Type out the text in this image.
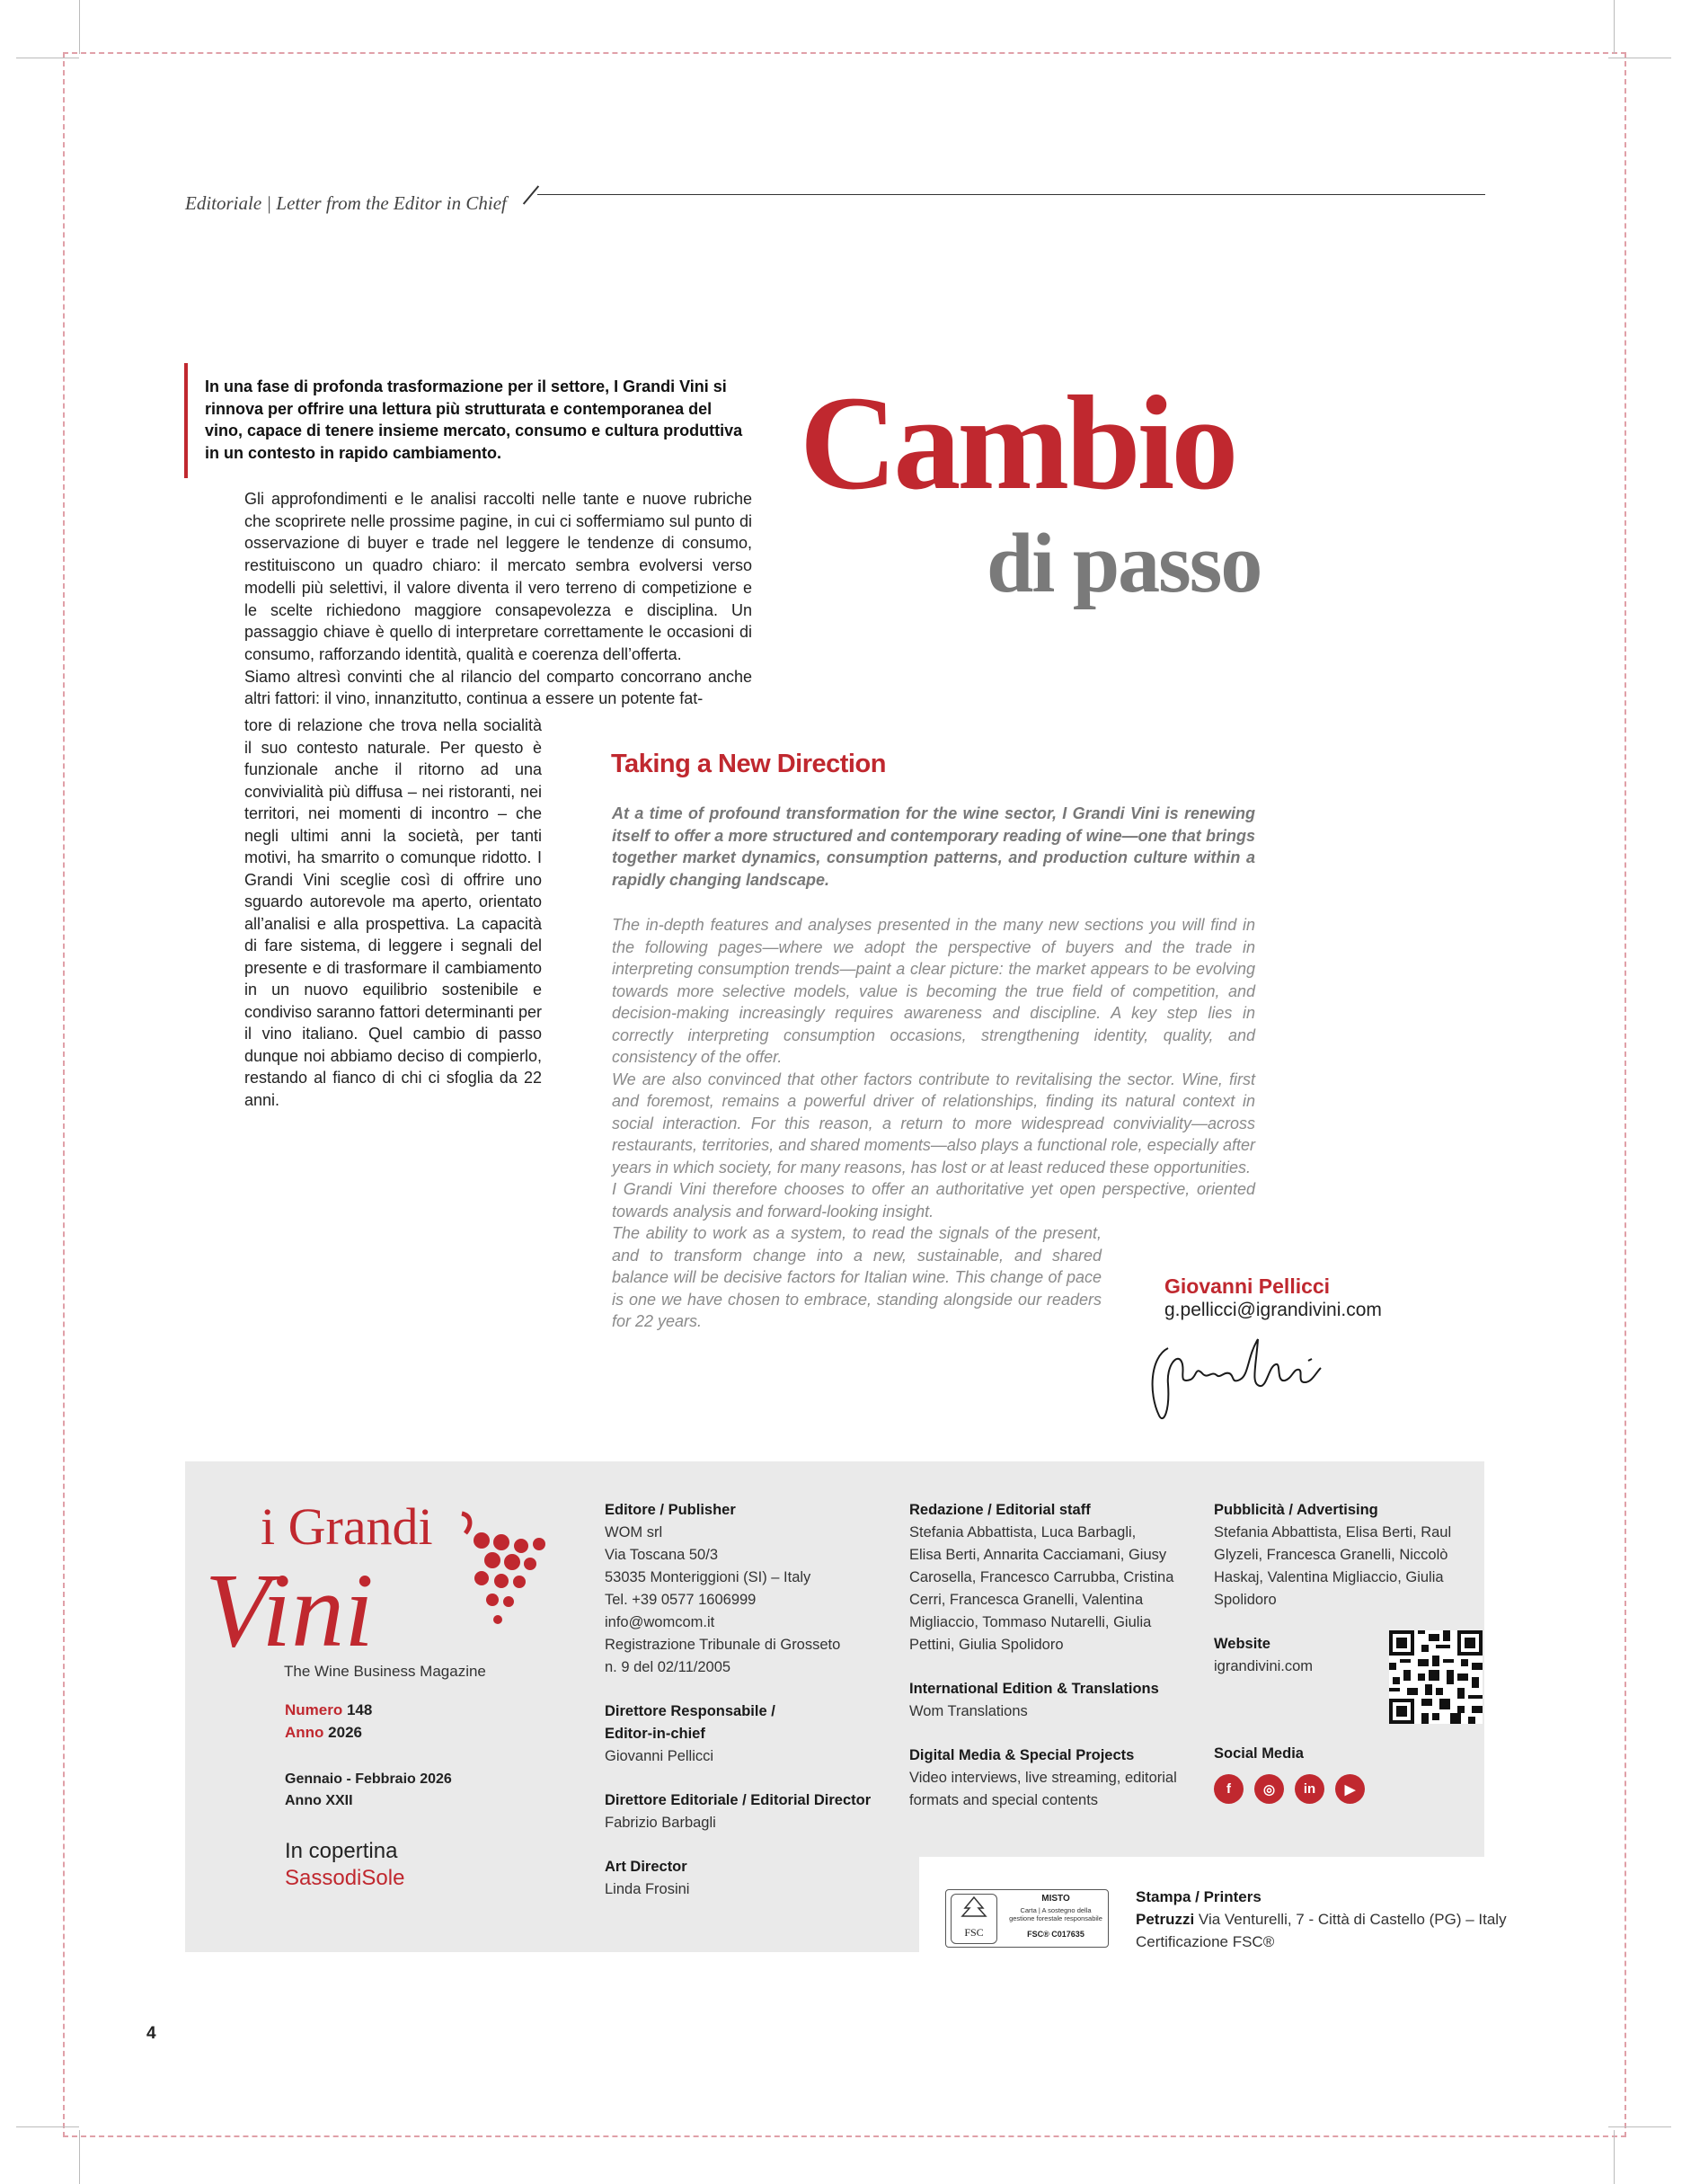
Editoriale | Letter from the Editor in Chief
In una fase di profonda trasformazione per il settore, I Grandi Vini si rinnova per offrire una lettura più strutturata e contemporanea del vino, capace di tenere insieme mercato, consumo e cultura produttiva in un contesto in rapido cambiamento.

Gli approfondimenti e le analisi raccolti nelle tante e nuove rubriche che scoprirete nelle prossime pagine, in cui ci soffermiamo sul punto di osservazione di buyer e trade nel leggere le tendenze di consumo, restituiscono un quadro chiaro: il mercato sembra evolversi verso modelli più selettivi, il valore diventa il vero terreno di competizione e le scelte richiedono maggiore consapevolezza e disciplina. Un passaggio chiave è quello di interpretare correttamente le occasioni di consumo, rafforzando identità, qualità e coerenza dell’offerta.

Siamo altresì convinti che al rilancio del comparto concorrano anche altri fattori: il vino, innanzitutto, continua a essere un potente fat-

tore di relazione che trova nella socialità il suo contesto naturale. Per questo è funzionale anche il ritorno ad una convivialità più diffusa – nei ristoranti, nei territori, nei momenti di incontro – che negli ultimi anni la società, per tanti motivi, ha smarrito o comunque ridotto. I Grandi Vini sceglie così di offrire uno sguardo autorevole ma aperto, orientato all’analisi e alla prospettiva. La capacità di fare sistema, di leggere i segnali del presente e di trasformare il cambiamento in un nuovo equilibrio sostenibile e condiviso saranno fattori determinanti per il vino italiano. Quel cambio di passo dunque noi abbiamo deciso di compierlo, restando al fianco di chi ci sfoglia da 22 anni.
Cambio
di passo
Taking a New Direction
At a time of profound transformation for the wine sector, I Grandi Vini is renewing itself to offer a more structured and contemporary reading of wine—one that brings together market dynamics, consumption patterns, and production culture within a rapidly changing landscape.

The in-depth features and analyses presented in the many new sections you will find in the following pages—where we adopt the perspective of buyers and the trade in interpreting consumption trends—paint a clear picture: the market appears to be evolving towards more selective models, value is becoming the true field of competition, and decision-making increasingly requires awareness and discipline. A key step lies in correctly interpreting consumption occasions, strengthening identity, quality, and consistency of the offer.

We are also convinced that other factors contribute to revitalising the sector. Wine, first and foremost, remains a powerful driver of relationships, finding its natural context in social interaction. For this reason, a return to more widespread conviviality—across restaurants, territories, and shared moments—also plays a functional role, especially after years in which society, for many reasons, has lost or at least reduced these opportunities.

I Grandi Vini therefore chooses to offer an authoritative yet open perspective, oriented towards analysis and forward-looking insight.

The ability to work as a system, to read the signals of the present, and to transform change into a new, sustainable, and shared balance will be decisive factors for Italian wine. This change of pace is one we have chosen to embrace, standing alongside our readers for 22 years.

Giovanni Pellicci
g.pellicci@igrandivini.com
i Grandi
Vini
The Wine Business Magazine
Numero 148
Anno 2026
Gennaio - Febbraio 2026
Anno XXII
In copertina
SassodiSole
Editore / Publisher
WOM srl
Via Toscana 50/3
53035 Monteriggioni (SI) – Italy
Tel. +39 0577 1606999
info@womcom.it
Registrazione Tribunale di Grosseto
n. 9 del 02/11/2005
Direttore Responsabile /
Editor-in-chief
Giovanni Pellicci
Direttore Editoriale / Editorial Director
Fabrizio Barbagli
Art Director
Linda Frosini
Redazione / Editorial staff
Stefania Abbattista, Luca Barbagli,
Elisa Berti, Annarita Cacciamani, Giusy
Carosella, Francesco Carrubba, Cristina
Cerri, Francesca Granelli, Valentina
Migliaccio, Tommaso Nutarelli, Giulia
Pettini, Giulia Spolidoro
International Edition & Translations
Wom Translations
Digital Media & Special Projects
Video interviews, live streaming, editorial
formats and special contents
Pubblicità / Advertising
Stefania Abbattista, Elisa Berti, Raul
Glyzeli, Francesca Granelli, Niccolò
Haskaj, Valentina Migliaccio, Giulia
Spolidoro
Website
igrandivini.com
Social Media
f	◎	in	▶
FSC
MISTO
Carta | A sostegno della gestione forestale responsabile
FSC® C017635
Stampa / Printers
Petruzzi Via Venturelli, 7 - Città di Castello (PG) – Italy
Certificazione FSC®
4
